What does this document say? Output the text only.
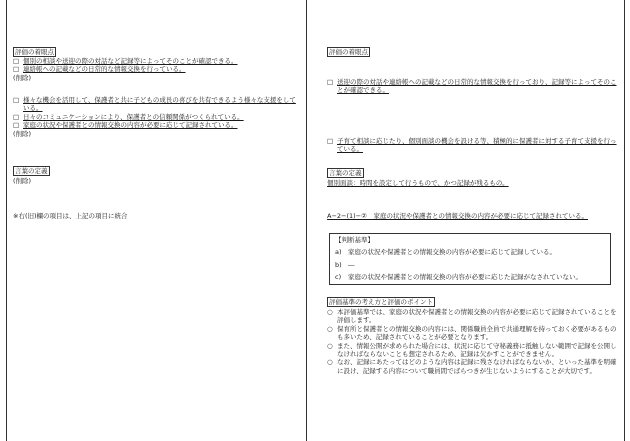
評価の着眼点
□ 個別の相談や送迎の際の対話など記録等によってそのことが確認できる。
□ 連絡帳への記載などの日常的な情報交換を行っている。
(削除)
□ 様々な機会を活用して、保護者と共に子どもの成長の喜びを共有できるよう様々な支援をしている。
□ 日々のコミュニケーションにより、保護者との信頼関係がつくられている。
□ 家庭の状況や保護者との情報交換の内容が必要に応じて記録されている。
(削除)
言葉の定義
(削除)
※右(旧)欄の項目は、上記の項目に統合
評価の着眼点
□ 送迎の際の対話や連絡帳への記載などの日常的な情報交換を行っており、記録等によってそのことが確認できる。
□ 子育て相談に応じたり、個別面談の機会を設ける等、積極的に保護者に対する子育て支援を行っている。
言葉の定義
個別面談：時間を設定して行うもので、かつ記録が残るもの。
A−2−(1)−②　家庭の状況や保護者との情報交換の内容が必要に応じて記録されている。
【判断基準】
a) 家庭の状況や保護者との情報交換の内容が必要に応じて記録している。
b) ―
c) 家庭の状況や保護者との情報交換の内容が必要に応じた記録がなされていない。
評価基準の考え方と評価のポイント
○ 本評価基準では、家庭の状況や保護者との情報交換の内容が必要に応じて記録されていることを評価します。
○ 保育所と保護者との情報交換の内容には、関係職員全員で共通理解を持っておく必要があるものも多いため、記録されていることが必要となります。
○ また、情報公開が求められた場合には、状況に応じて守秘義務に抵触しない範囲で記録を公開しなければならないことも想定されるため、記録は欠かすことができません。
○ なお、記録にあたってはどのような内容は記録に残さなければならないか、といった基準を明確に設け、記録する内容について職員間でばらつきが生じないようにすることが大切です。
